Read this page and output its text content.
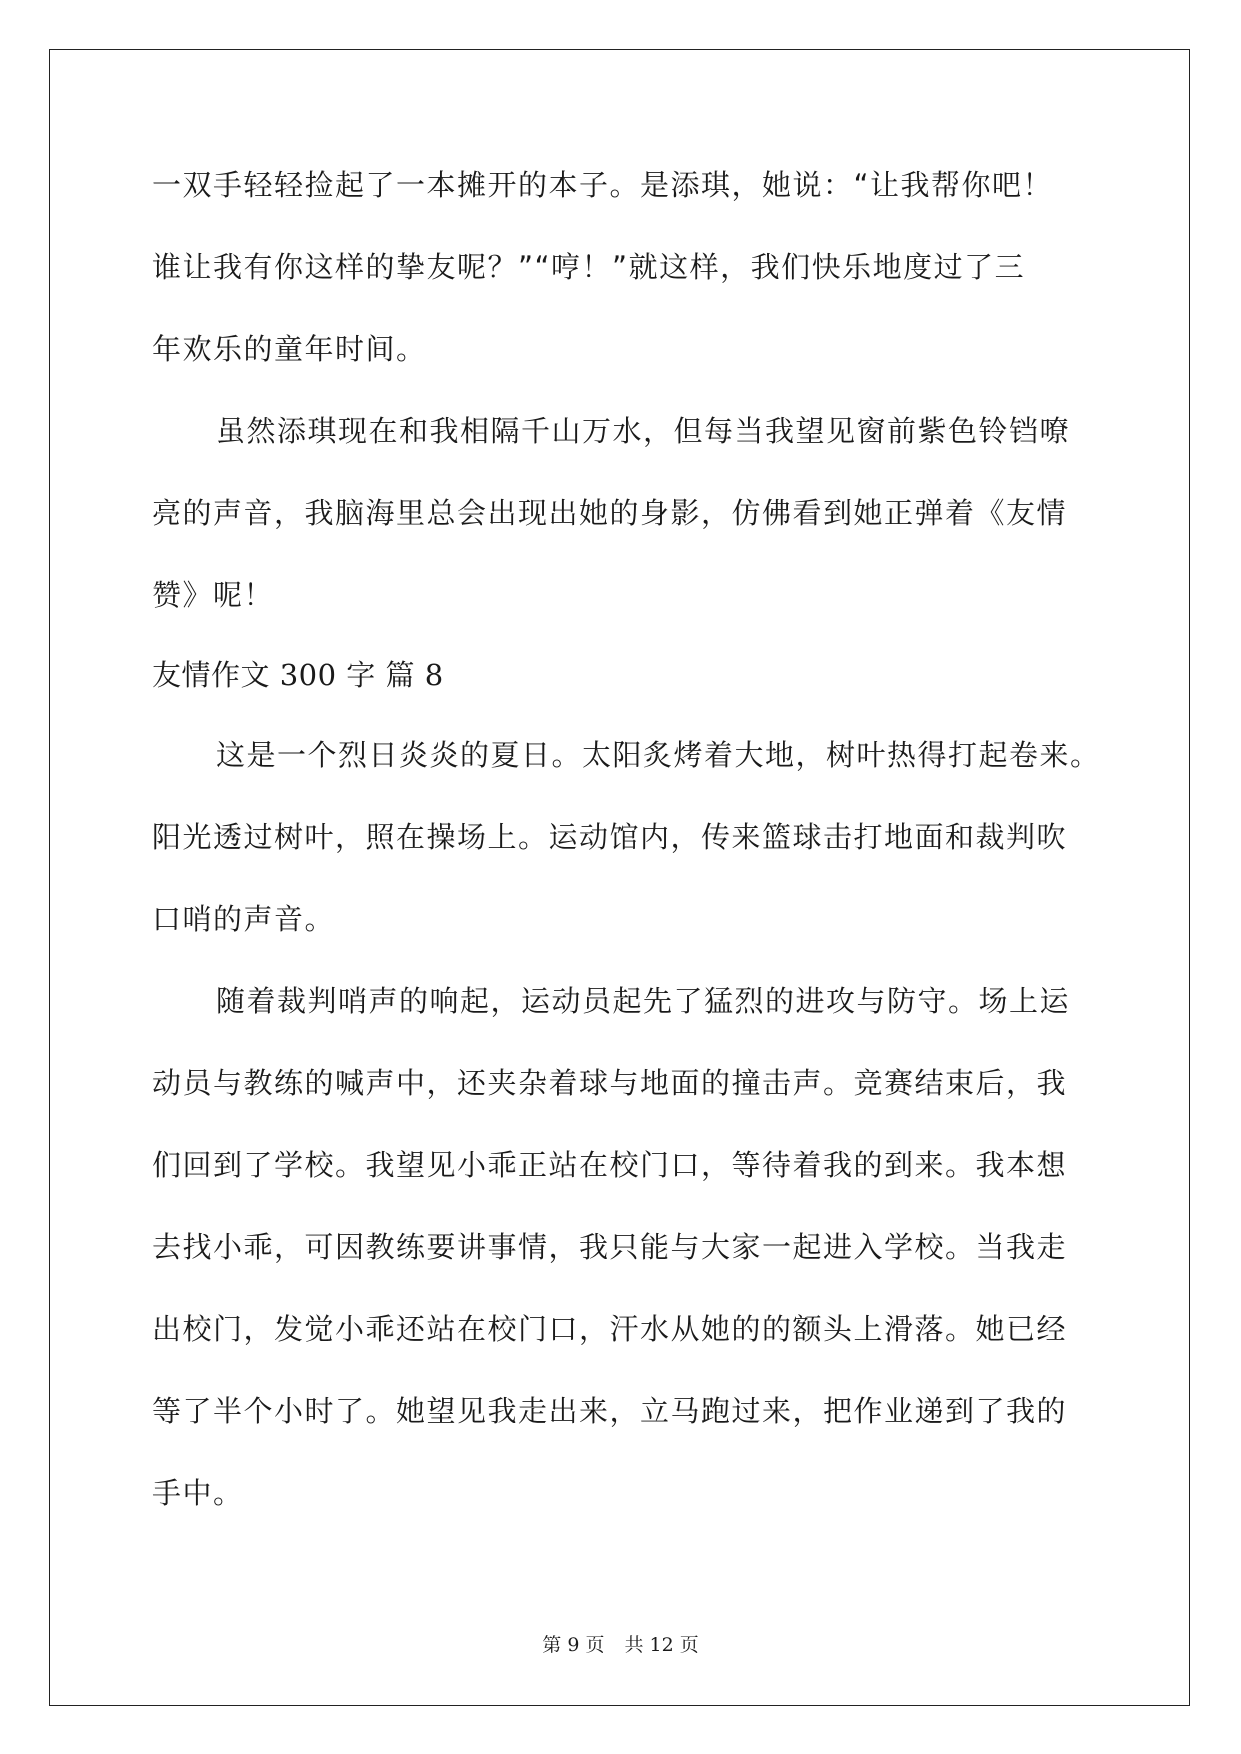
一双手轻轻捡起了一本摊开的本子。是添琪，她说：“让我帮你吧！
谁让我有你这样的挚友呢？”“哼！”就这样，我们快乐地度过了三
年欢乐的童年时间。
虽然添琪现在和我相隔千山万水，但每当我望见窗前紫色铃铛嘹
亮的声音，我脑海里总会出现出她的身影，仿佛看到她正弹着《友情
赞》呢！
友情作文 300 字 篇 8
这是一个烈日炎炎的夏日。太阳炙烤着大地，树叶热得打起卷来。
阳光透过树叶，照在操场上。运动馆内，传来篮球击打地面和裁判吹
口哨的声音。
随着裁判哨声的响起，运动员起先了猛烈的进攻与防守。场上运
动员与教练的喊声中，还夹杂着球与地面的撞击声。竞赛结束后，我
们回到了学校。我望见小乖正站在校门口，等待着我的到来。我本想
去找小乖，可因教练要讲事情，我只能与大家一起进入学校。当我走
出校门，发觉小乖还站在校门口，汗水从她的的额头上滑落。她已经
等了半个小时了。她望见我走出来，立马跑过来，把作业递到了我的
手中。
第 9 页 共 12 页
